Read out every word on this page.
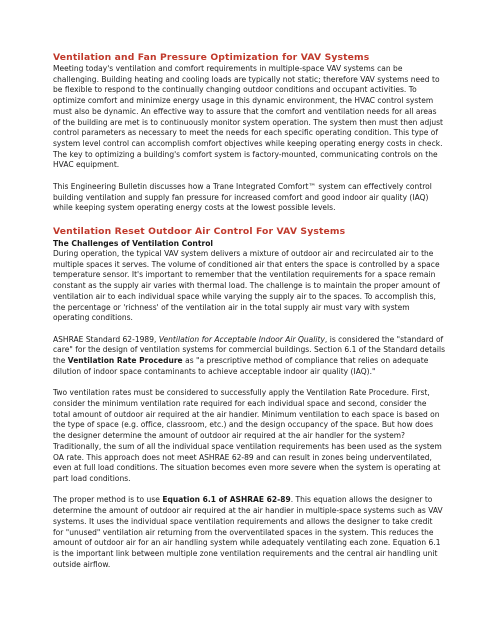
Ventilation and Fan Pressure Optimization for VAV Systems

Meeting today's ventilation and comfort requirements in multiple-space VAV systems can be challenging. Building heating and cooling loads are typically not static; therefore VAV systems need to be flexible to respond to the continually changing outdoor conditions and occupant activities. To optimize comfort and minimize energy usage in this dynamic environment, the HVAC control system must also be dynamic. An effective way to assure that the comfort and ventilation needs for all areas of the building are met is to continuously monitor system operation. The system then must then adjust control parameters as necessary to meet the needs for each specific operating condition. This type of system level control can accomplish comfort objectives while keeping operating energy costs in check. The key to optimizing a building's comfort system is factory-mounted, communicating controls on the HVAC equipment.

This Engineering Bulletin discusses how a Trane Integrated Comfort™ system can effectively control building ventilation and supply fan pressure for increased comfort and good indoor air quality (IAQ) while keeping system operating energy costs at the lowest possible levels.

Ventilation Reset Outdoor Air Control For VAV Systems
The Challenges of Ventilation Control

During operation, the typical VAV system delivers a mixture of outdoor air and recirculated air to the multiple spaces it serves. The volume of conditioned air that enters the space is controlled by a space temperature sensor. It's important to remember that the ventilation requirements for a space remain constant as the supply air varies with thermal load. The challenge is to maintain the proper amount of ventilation air to each individual space while varying the supply air to the spaces. To accomplish this, the percentage or 'richness' of the ventilation air in the total supply air must vary with system operating conditions.

ASHRAE Standard 62-1989, Ventilation for Acceptable Indoor Air Quality, is considered the "standard of care" for the design of ventilation systems for commercial buildings. Section 6.1 of the Standard details the Ventilation Rate Procedure as "a prescriptive method of compliance that relies on adequate dilution of indoor space contaminants to achieve acceptable indoor air quality (IAQ)."

Two ventilation rates must be considered to successfully apply the Ventilation Rate Procedure. First, consider the minimum ventilation rate required for each individual space and second, consider the total amount of outdoor air required at the air handier. Minimum ventilation to each space is based on the type of space (e.g. office, classroom, etc.) and the design occupancy of the space. But how does the designer determine the amount of outdoor air required at the air handler for the system? Traditionally, the sum of all the individual space ventilation requirements has been used as the system OA rate. This approach does not meet ASHRAE 62-89 and can result in zones being underventilated, even at full load conditions. The situation becomes even more severe when the system is operating at part load conditions.

The proper method is to use Equation 6.1 of ASHRAE 62-89. This equation allows the designer to determine the amount of outdoor air required at the air handier in multiple-space systems such as VAV systems. It uses the individual space ventilation requirements and allows the designer to take credit for "unused" ventilation air returning from the overventilated spaces in the system. This reduces the amount of outdoor air for an air handling system while adequately ventilating each zone. Equation 6.1 is the important link between multiple zone ventilation requirements and the central air handling unit outside airflow.
